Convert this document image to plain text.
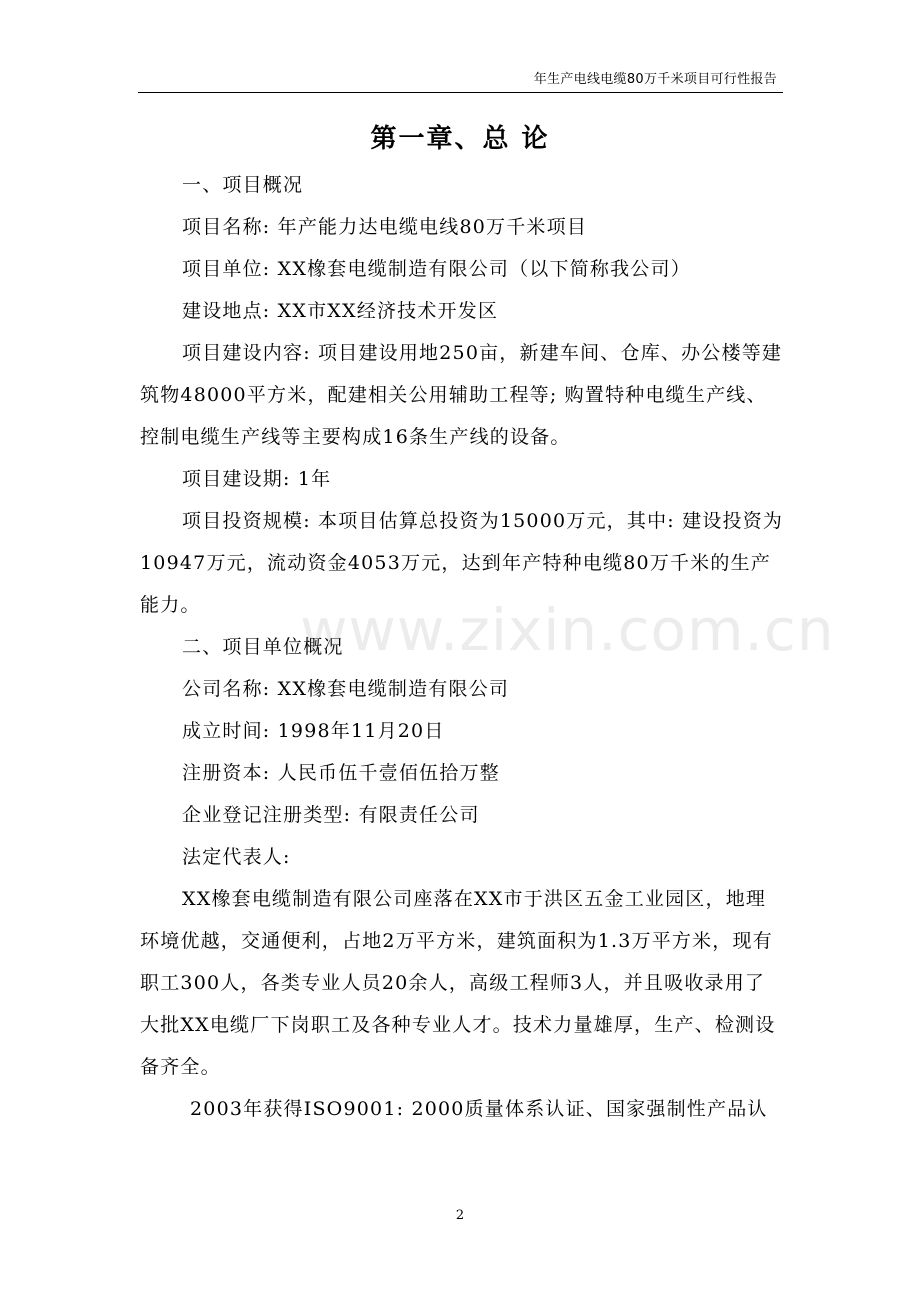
年生产电线电缆80万千米项目可行性报告
第一章、总 论

一、项目概况

项目名称: 年产能力达电缆电线80万千米项目

项目单位: XX橡套电缆制造有限公司（以下简称我公司）

建设地点: XX市XX经济技术开发区

项目建设内容: 项目建设用地250亩，新建车间、仓库、办公楼等建筑物48000平方米，配建相关公用辅助工程等; 购置特种电缆生产线、控制电缆生产线等主要构成16条生产线的设备。

项目建设期: 1年

项目投资规模: 本项目估算总投资为15000万元，其中: 建设投资为10947万元，流动资金4053万元，达到年产特种电缆80万千米的生产能力。

二、项目单位概况

公司名称: XX橡套电缆制造有限公司

成立时间: 1998年11月20日

注册资本: 人民币伍千壹佰伍拾万整

企业登记注册类型: 有限责任公司

法定代表人:

XX橡套电缆制造有限公司座落在XX市于洪区五金工业园区，地理环境优越，交通便利，占地2万平方米，建筑面积为1.3万平方米，现有职工300人，各类专业人员20余人，高级工程师3人，并且吸收录用了大批XX电缆厂下岗职工及各种专业人才。技术力量雄厚，生产、检测设备齐全。

2003年获得ISO9001: 2000质量体系认证、国家强制性产品认

www.zixin.com.cn
2
